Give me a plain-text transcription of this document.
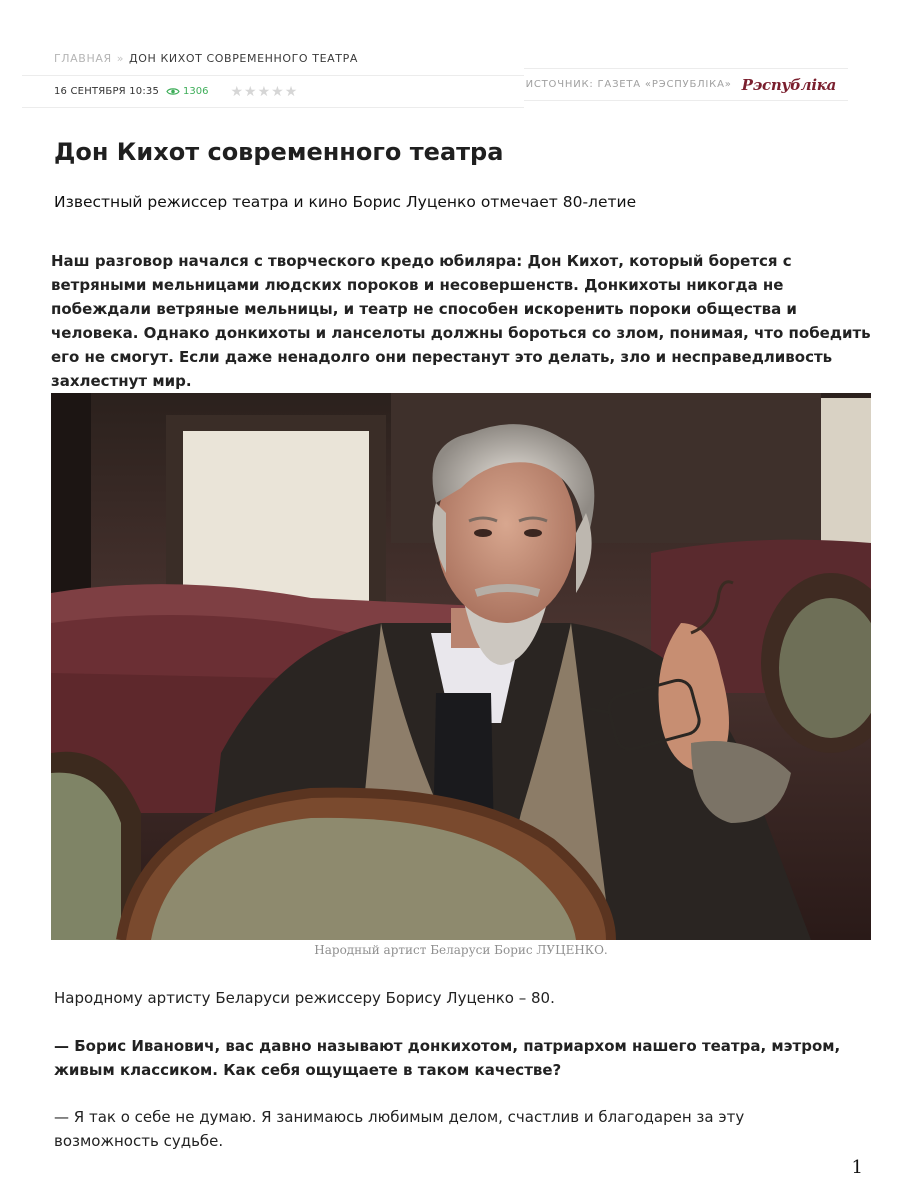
ГЛАВНАЯ » ДОН КИХОТ СОВРЕМЕННОГО ТЕАТРА
16 СЕНТЯБРЯ 10:35 1306 ★ ★ ★ ★ ★	ИСТОЧНИК: ГАЗЕТА «РЭСПУБЛІКА» Рэспубліка
Дон Кихот современного театра
Известный режиссер театра и кино Борис Луценко отмечает 80-летие

Наш разговор начался с творческого кредо юбиляра: Дон Кихот, который борется с ветряными мельницами людских пороков и несовершенств. Донкихоты никогда не побеждали ветряные мельницы, и театр не способен искоренить пороки общества и человека. Однако донкихоты и ланселоты должны бороться со злом, понимая, что победить его не смогут. Если даже ненадолго они перестанут это делать, зло и несправедливость захлестнут мир.

Народный артист Беларуси Борис ЛУЦЕНКО.

Народному артисту Беларуси режиссеру Борису Луценко – 80.

— Борис Иванович, вас давно называют донкихотом, патриархом нашего театра, мэтром, живым классиком. Как себя ощущаете в таком качестве?

— Я так о себе не думаю. Я занимаюсь любимым делом, счастлив и благодарен за эту возможность судьбе.

1
